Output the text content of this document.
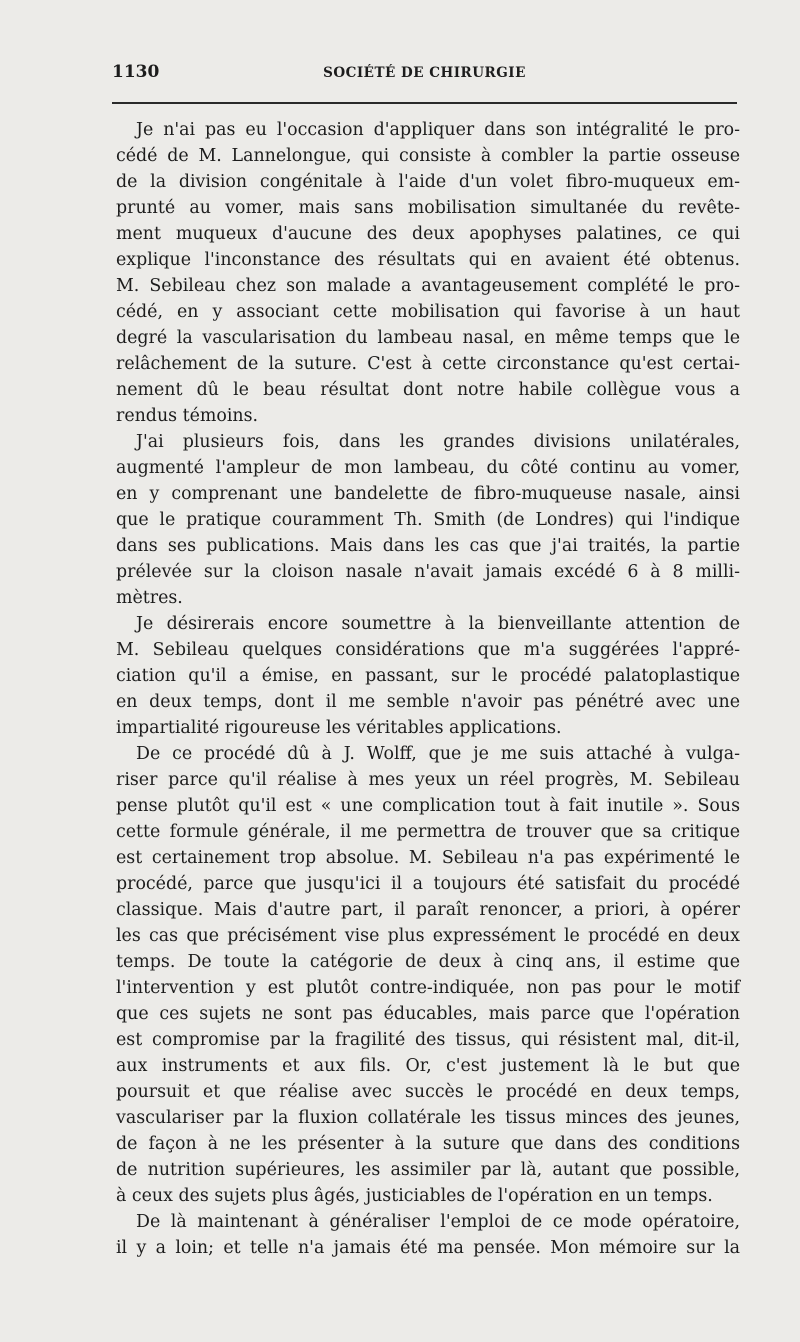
1130	SOCIÉTÉ DE CHIRURGIE
Je n'ai pas eu l'occasion d'appliquer dans son intégralité le pro-
cédé de M. Lannelongue, qui consiste à combler la partie osseuse
de la division congénitale à l'aide d'un volet fibro-muqueux em-
prunté au vomer, mais sans mobilisation simultanée du revête-
ment muqueux d'aucune des deux apophyses palatines, ce qui
explique l'inconstance des résultats qui en avaient été obtenus.
M. Sebileau chez son malade a avantageusement complété le pro-
cédé, en y associant cette mobilisation qui favorise à un haut
degré la vascularisation du lambeau nasal, en même temps que le
relâchement de la suture. C'est à cette circonstance qu'est certai-
nement dû le beau résultat dont notre habile collègue vous a
rendus témoins.
J'ai plusieurs fois, dans les grandes divisions unilatérales,
augmenté l'ampleur de mon lambeau, du côté continu au vomer,
en y comprenant une bandelette de fibro-muqueuse nasale, ainsi
que le pratique couramment Th. Smith (de Londres) qui l'indique
dans ses publications. Mais dans les cas que j'ai traités, la partie
prélevée sur la cloison nasale n'avait jamais excédé 6 à 8 milli-
mètres.
Je désirerais encore soumettre à la bienveillante attention de
M. Sebileau quelques considérations que m'a suggérées l'appré-
ciation qu'il a émise, en passant, sur le procédé palatoplastique
en deux temps, dont il me semble n'avoir pas pénétré avec une
impartialité rigoureuse les véritables applications.
De ce procédé dû à J. Wolff, que je me suis attaché à vulga-
riser parce qu'il réalise à mes yeux un réel progrès, M. Sebileau
pense plutôt qu'il est « une complication tout à fait inutile ». Sous
cette formule générale, il me permettra de trouver que sa critique
est certainement trop absolue. M. Sebileau n'a pas expérimenté le
procédé, parce que jusqu'ici il a toujours été satisfait du procédé
classique. Mais d'autre part, il paraît renoncer, a priori, à opérer
les cas que précisément vise plus expressément le procédé en deux
temps. De toute la catégorie de deux à cinq ans, il estime que
l'intervention y est plutôt contre-indiquée, non pas pour le motif
que ces sujets ne sont pas éducables, mais parce que l'opération
est compromise par la fragilité des tissus, qui résistent mal, dit-il,
aux instruments et aux fils. Or, c'est justement là le but que
poursuit et que réalise avec succès le procédé en deux temps,
vasculariser par la fluxion collatérale les tissus minces des jeunes,
de façon à ne les présenter à la suture que dans des conditions
de nutrition supérieures, les assimiler par là, autant que possible,
à ceux des sujets plus âgés, justiciables de l'opération en un temps.
De là maintenant à généraliser l'emploi de ce mode opératoire,
il y a loin; et telle n'a jamais été ma pensée. Mon mémoire sur la
